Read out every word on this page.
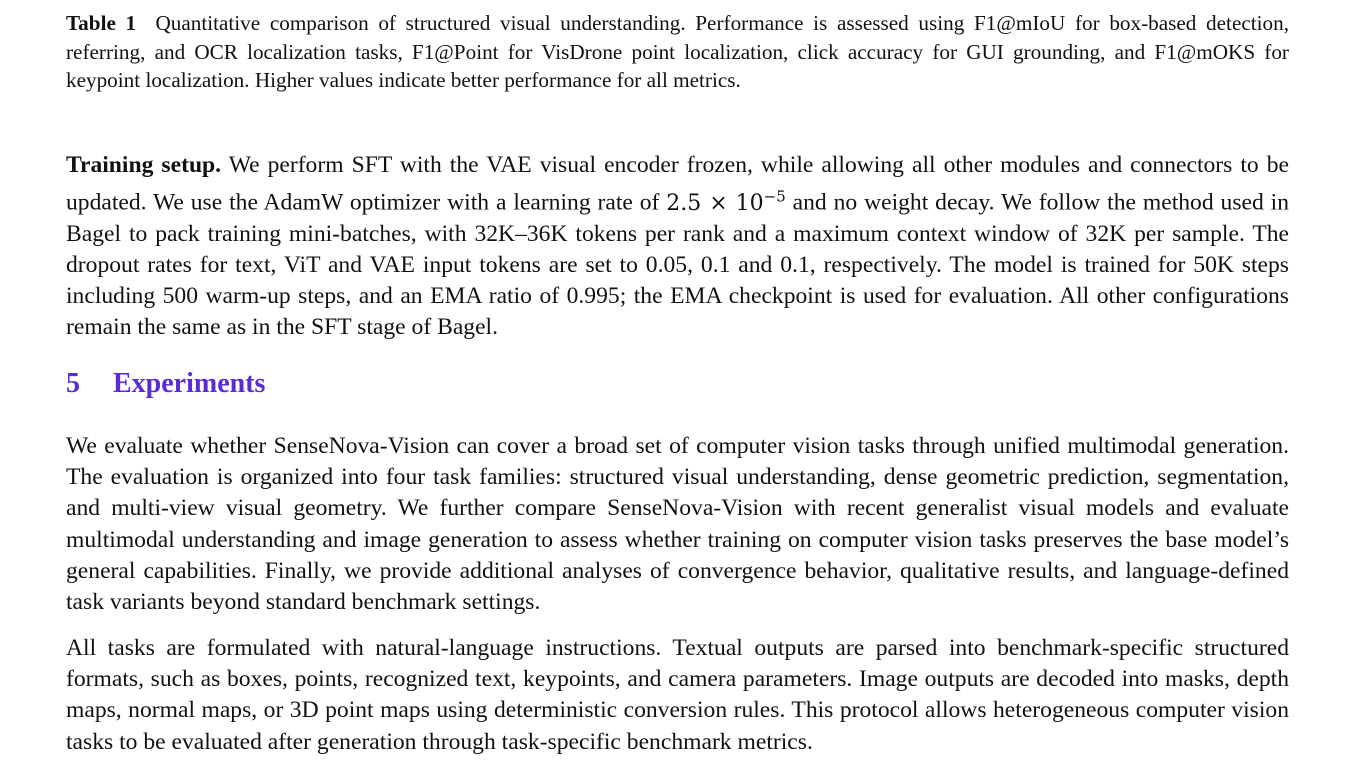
Table 1 Quantitative comparison of structured visual understanding. Performance is assessed using F1@mIoU for box-based detection, referring, and OCR localization tasks, F1@Point for VisDrone point localization, click accuracy for GUI grounding, and F1@mOKS for keypoint localization. Higher values indicate better performance for all metrics.
Training setup. We perform SFT with the VAE visual encoder frozen, while allowing all other modules and connectors to be updated. We use the AdamW optimizer with a learning rate of $2.5 \times 10^{-5}$ and no weight decay. We follow the method used in Bagel to pack training mini-batches, with 32K–36K tokens per rank and a maximum context window of 32K per sample. The dropout rates for text, ViT and VAE input tokens are set to 0.05, 0.1 and 0.1, respectively. The model is trained for 50K steps including 500 warm-up steps, and an EMA ratio of 0.995; the EMA checkpoint is used for evaluation. All other configurations remain the same as in the SFT stage of Bagel.
5 Experiments
We evaluate whether SenseNova-Vision can cover a broad set of computer vision tasks through unified multimodal generation. The evaluation is organized into four task families: structured visual understanding, dense geometric prediction, segmentation, and multi-view visual geometry. We further compare SenseNova-Vision with recent generalist visual models and evaluate multimodal understanding and image generation to assess whether training on computer vision tasks preserves the base model’s general capabilities. Finally, we provide additional analyses of convergence behavior, qualitative results, and language-defined task variants beyond standard benchmark settings.
All tasks are formulated with natural-language instructions. Textual outputs are parsed into benchmark-specific structured formats, such as boxes, points, recognized text, keypoints, and camera parameters. Image outputs are decoded into masks, depth maps, normal maps, or 3D point maps using deterministic conversion rules. This protocol allows heterogeneous computer vision tasks to be evaluated after generation through task-specific benchmark metrics.
